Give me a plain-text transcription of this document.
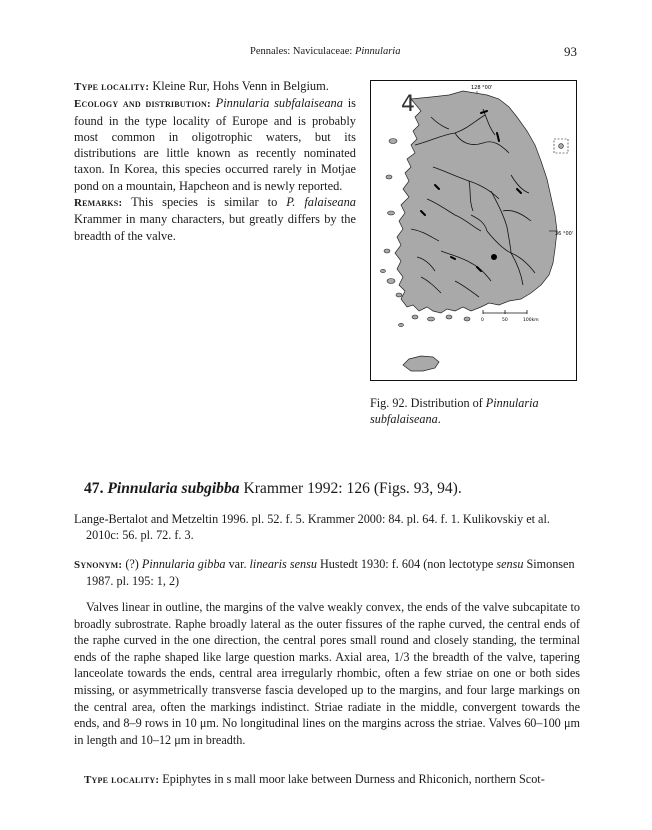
Pennales: Naviculaceae: Pinnularia	93

Type locality: Kleine Rur, Hohs Venn in Belgium.

Ecology and distribution: Pinnularia subfalaiseana is found in the type locality of Europe and is probably most common in oligotrophic waters, but its distributions are little known as recently nominated taxon. In Korea, this species occurred rarely in Motjae pond on a mountain, Hapcheon and is newly reported.

Remarks: This species is similar to P. falaiseana Krammer in many characters, but greatly differs by the breadth of the valve.

4
128 °00'
36 °00'
0	50	100km
Fig. 92. Distribution of Pinnularia subfalaiseana.
47. Pinnularia subgibba Krammer 1992: 126 (Figs. 93, 94).
Lange-Bertalot and Metzeltin 1996. pl. 52. f. 5. Krammer 2000: 84. pl. 64. f. 1. Kulikovskiy et al. 2010c: 56. pl. 72. f. 3.
Synonym: (?) Pinnularia gibba var. linearis sensu Hustedt 1930: f. 604 (non lectotype sensu Simonsen 1987. pl. 195: 1, 2)
Valves linear in outline, the margins of the valve weakly convex, the ends of the valve subcapitate to broadly subrostrate. Raphe broadly lateral as the outer fissures of the raphe curved, the central ends of the raphe curved in the one direction, the central pores small round and closely standing, the terminal ends of the raphe shaped like large question marks. Axial area, 1/3 the breadth of the valve, tapering lanceolate towards the ends, central area irregularly rhombic, often a few striae on one or both sides missing, or asymmetrically transverse fascia developed up to the margins, and four large markings on the central area, often the markings indistinct. Striae radiate in the middle, convergent towards the ends, and 8–9 rows in 10 μm. No longitudinal lines on the margins across the striae. Valves 60–100 μm in length and 10–12 μm in breadth.
Type locality: Epiphytes in s mall moor lake between Durness and Rhiconich, northern Scot-
